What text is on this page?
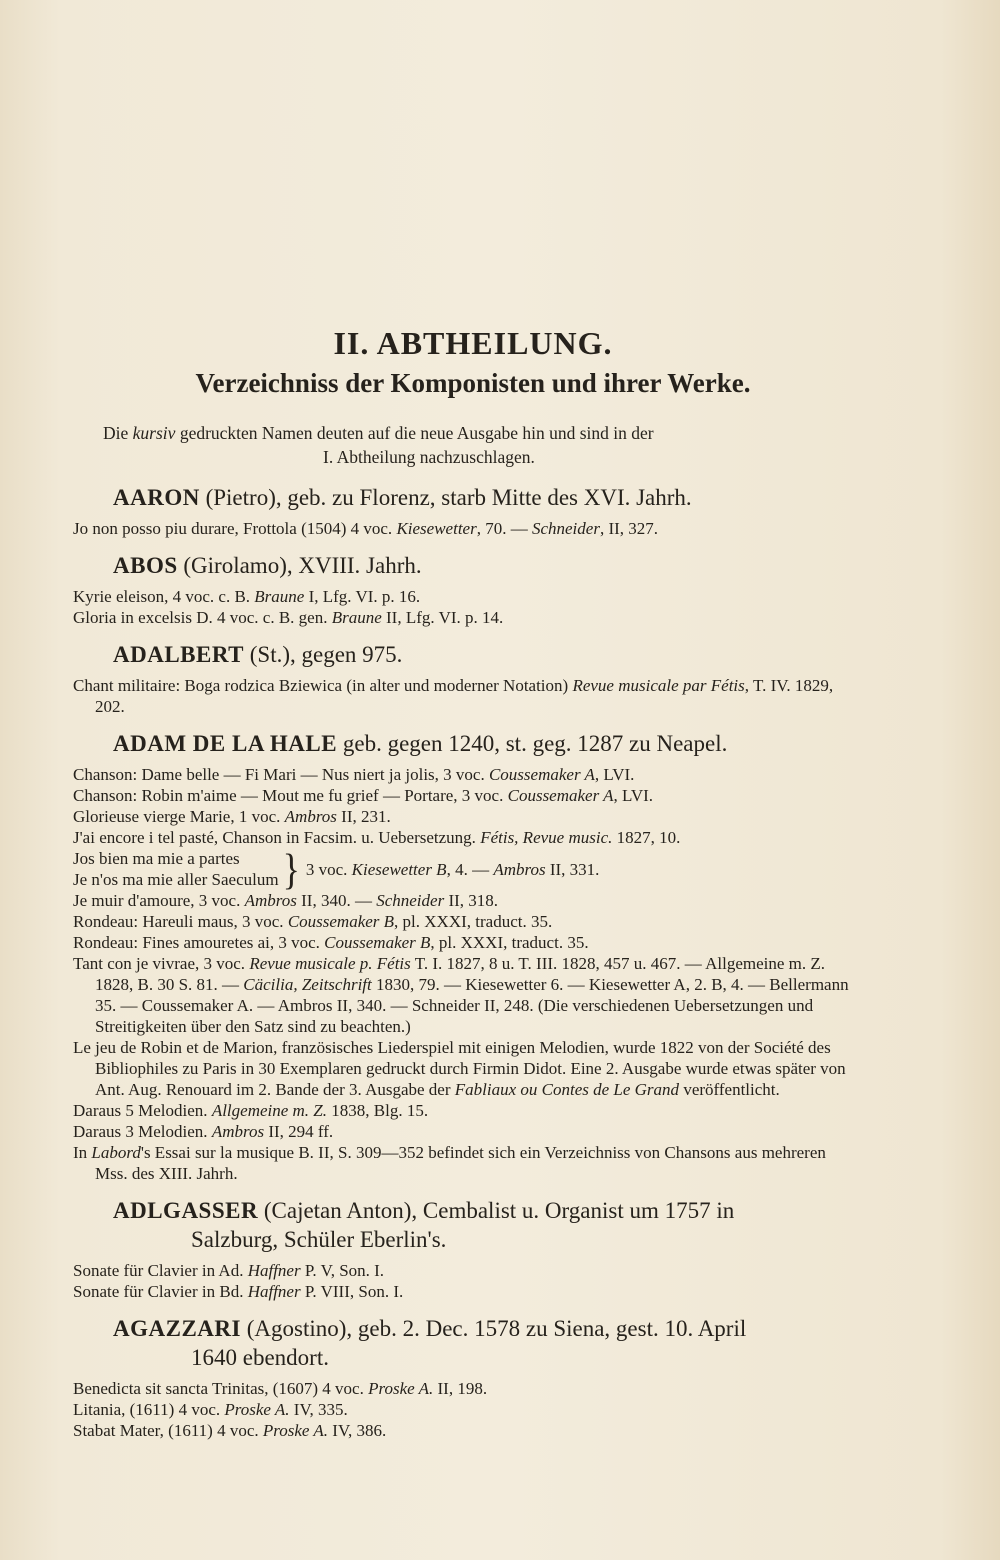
II. ABTHEILUNG.
Verzeichniss der Komponisten und ihrer Werke.
Die kursiv gedruckten Namen deuten auf die neue Ausgabe hin und sind in der
I. Abtheilung nachzuschlagen.
AARON (Pietro), geb. zu Florenz, starb Mitte des XVI. Jahrh.

Jo non posso piu durare, Frottola (1504) 4 voc. Kiesewetter, 70. — Schneider, II, 327.

ABOS (Girolamo), XVIII. Jahrh.

Kyrie eleison, 4 voc. c. B. Braune I, Lfg. VI. p. 16.

Gloria in excelsis D. 4 voc. c. B. gen. Braune II, Lfg. VI. p. 14.

ADALBERT (St.), gegen 975.

Chant militaire: Boga rodzica Bziewica (in alter und moderner Notation) Revue musicale par Fétis, T. IV. 1829, 202.

ADAM DE LA HALE geb. gegen 1240, st. geg. 1287 zu Neapel.

Chanson: Dame belle — Fi Mari — Nus niert ja jolis, 3 voc. Coussemaker A, LVI.

Chanson: Robin m'aime — Mout me fu grief — Portare, 3 voc. Coussemaker A, LVI.

Glorieuse vierge Marie, 1 voc. Ambros II, 231.

J'ai encore i tel pasté, Chanson in Facsim. u. Uebersetzung. Fétis, Revue music. 1827, 10.

Jos bien ma mie a partes
Je n'os ma mie aller Saeculum } 3 voc. Kiesewetter B, 4. — Ambros II, 331.

Je muir d'amoure, 3 voc. Ambros II, 340. — Schneider II, 318.

Rondeau: Hareuli maus, 3 voc. Coussemaker B, pl. XXXI, traduct. 35.

Rondeau: Fines amouretes ai, 3 voc. Coussemaker B, pl. XXXI, traduct. 35.

Tant con je vivrae, 3 voc. Revue musicale p. Fétis T. I. 1827, 8 u. T. III. 1828, 457 u. 467. — Allgemeine m. Z. 1828, B. 30 S. 81. — Cäcilia, Zeitschrift 1830, 79. — Kiesewetter 6. — Kiesewetter A, 2. B, 4. — Bellermann 35. — Coussemaker A. — Ambros II, 340. — Schneider II, 248. (Die verschiedenen Uebersetzungen und Streitigkeiten über den Satz sind zu beachten.)

Le jeu de Robin et de Marion, französisches Liederspiel mit einigen Melodien, wurde 1822 von der Société des Bibliophiles zu Paris in 30 Exemplaren gedruckt durch Firmin Didot. Eine 2. Ausgabe wurde etwas später von Ant. Aug. Renouard im 2. Bande der 3. Ausgabe der Fabliaux ou Contes de Le Grand veröffentlicht.

Daraus 5 Melodien. Allgemeine m. Z. 1838, Blg. 15.

Daraus 3 Melodien. Ambros II, 294 ff.

In Labord's Essai sur la musique B. II, S. 309—352 befindet sich ein Verzeichniss von Chansons aus mehreren Mss. des XIII. Jahrh.

ADLGASSER (Cajetan Anton), Cembalist u. Organist um 1757 in
Salzburg, Schüler Eberlin's.

Sonate für Clavier in Ad. Haffner P. V, Son. I.

Sonate für Clavier in Bd. Haffner P. VIII, Son. I.

AGAZZARI (Agostino), geb. 2. Dec. 1578 zu Siena, gest. 10. April
1640 ebendort.

Benedicta sit sancta Trinitas, (1607) 4 voc. Proske A. II, 198.

Litania, (1611) 4 voc. Proske A. IV, 335.

Stabat Mater, (1611) 4 voc. Proske A. IV, 386.
